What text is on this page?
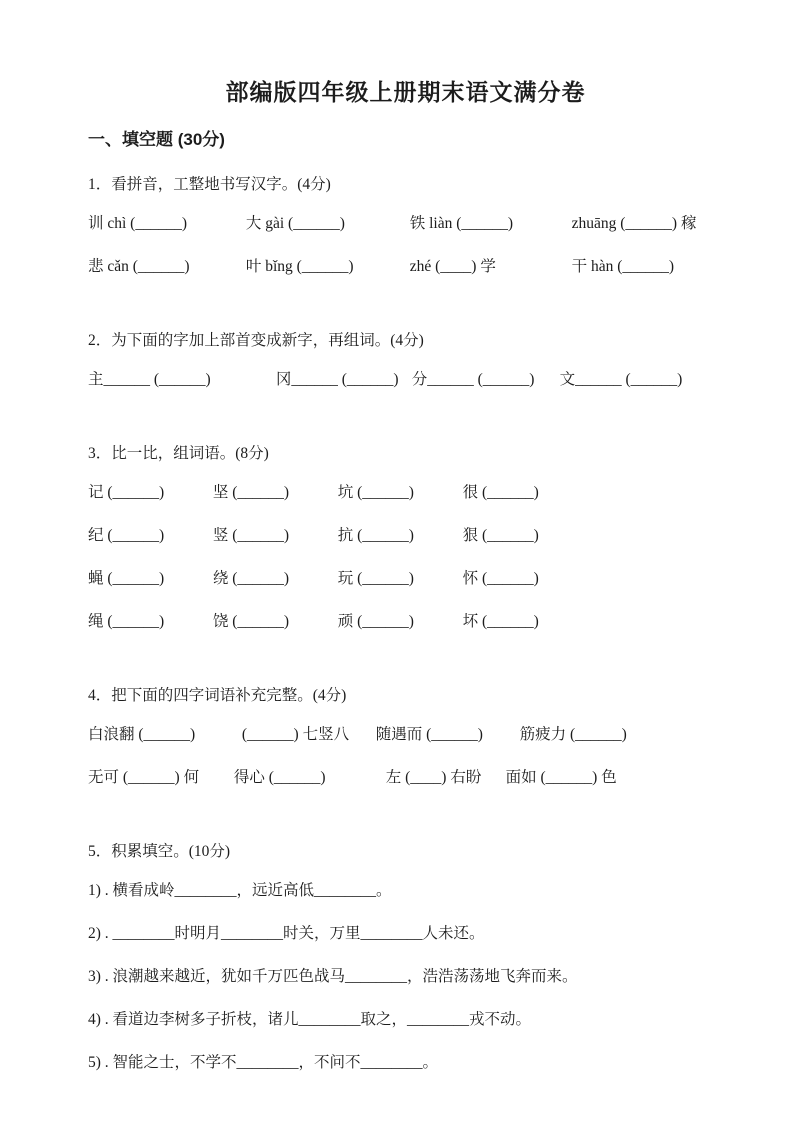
部编版四年级上册期末语文满分卷
一、填空题 (30分)

1．看拼音，工整地书写汉字。(4分)

训 chì (______)	大 gài (______)	铁 liàn (______)	zhuāng (______) 稼
悲 cǎn (______)	叶 bǐng (______)	zhé (____) 学	干 hàn (______)

2．为下面的字加上部首变成新字，再组词。(4分)

主______ (______)	冈______ (______) 分______ (______) 文______ (______)

3．比一比，组词语。(8分)

记 (______)	坚 (______)	坑 (______)	很 (______)
纪 (______)	竖 (______)	抗 (______)	狠 (______)
蝇 (______)	绕 (______)	玩 (______)	怀 (______)
绳 (______)	饶 (______)	顽 (______)	坏 (______)

4．把下面的四字词语补充完整。(4分)

白浪翻 (______)	(______) 七竖八 随遇而 (______) 筋疲力 (______)
无可 (______) 何 得心 (______)	左 (____) 右盼 面如 (______) 色

5．积累填空。(10分)

1) . 横看成岭________，远近高低________。

2) . ________时明月________时关，万里________人未还。

3) . 浪潮越来越近，犹如千万匹色战马________，浩浩荡荡地飞奔而来。

4) . 看道边李树多子折枝，诸儿________取之，________戎不动。

5) . 智能之士，不学不________，不问不________。
